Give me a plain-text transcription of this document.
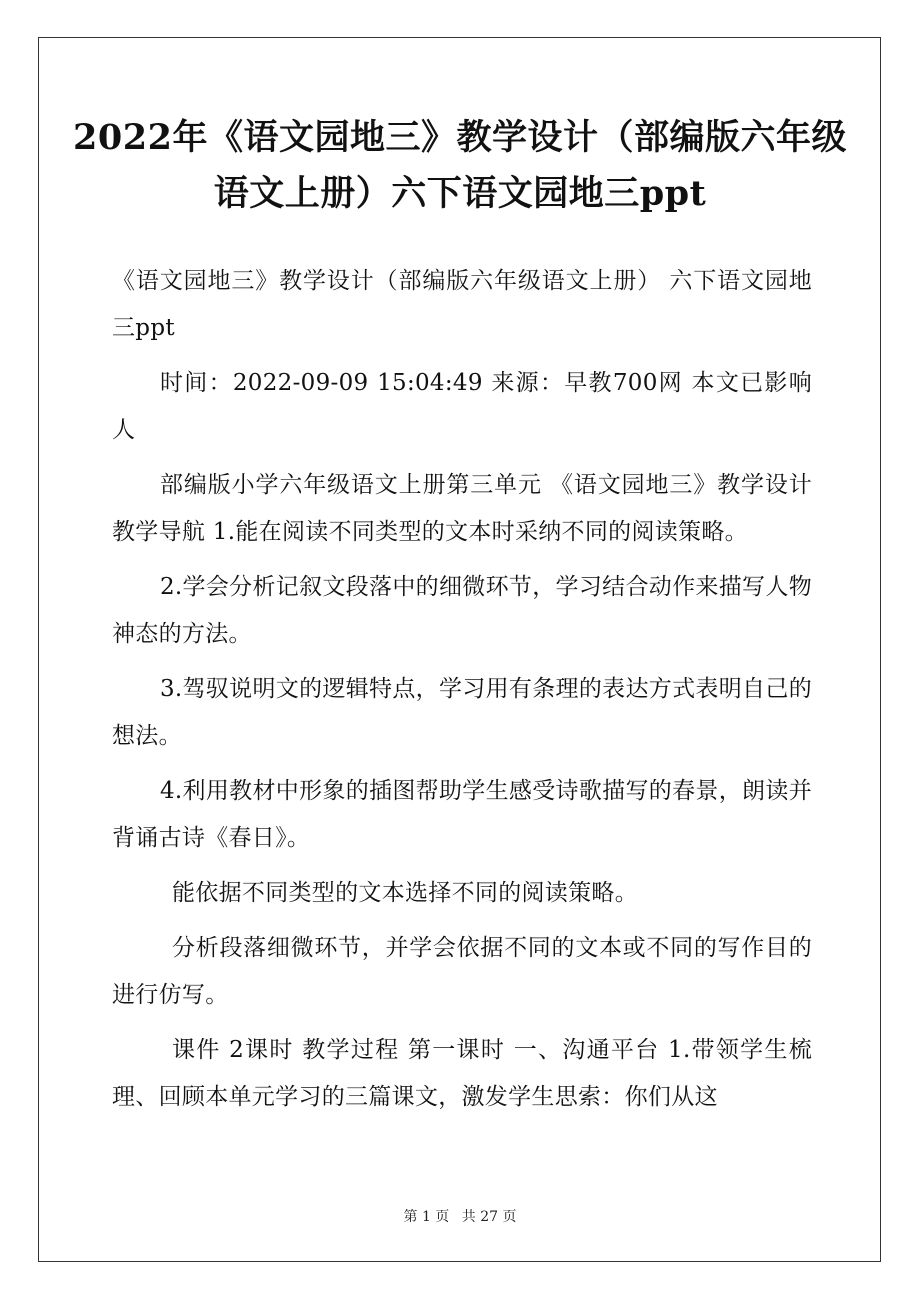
2022年《语文园地三》教学设计（部编版六年级语文上册）六下语文园地三ppt

《语文园地三》教学设计（部编版六年级语文上册） 六下语文园地三ppt

时间：2022-09-09 15:04:49 来源：早教700网 本文已影响 人

部编版小学六年级语文上册第三单元 《语文园地三》教学设计 教学导航 1.能在阅读不同类型的文本时采纳不同的阅读策略。

2.学会分析记叙文段落中的细微环节，学习结合动作来描写人物神态的方法。

3.驾驭说明文的逻辑特点，学习用有条理的表达方式表明自己的想法。

4.利用教材中形象的插图帮助学生感受诗歌描写的春景，朗读并背诵古诗《春日》。

能依据不同类型的文本选择不同的阅读策略。

分析段落细微环节，并学会依据不同的文本或不同的写作目的进行仿写。

课件 2课时 教学过程 第一课时 一、沟通平台 1.带领学生梳理、回顾本单元学习的三篇课文，激发学生思索：你们从这

第 1 页 共 27 页
